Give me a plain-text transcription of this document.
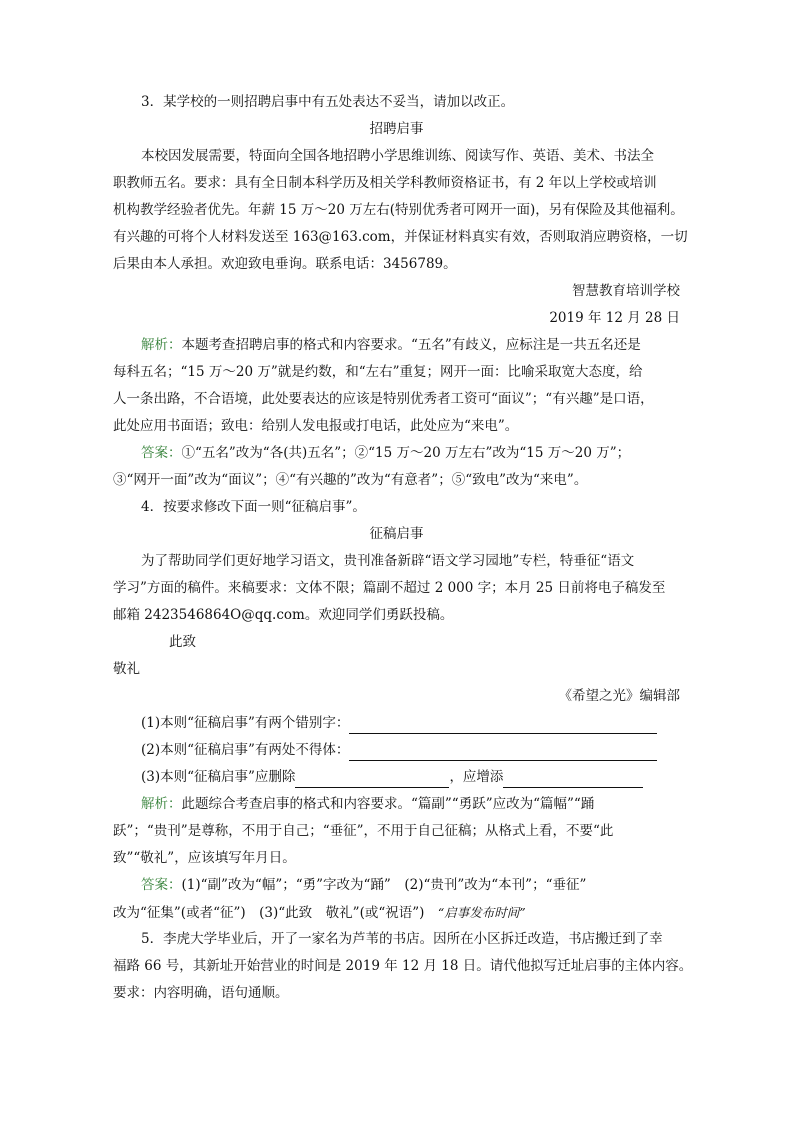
3．某学校的一则招聘启事中有五处表达不妥当，请加以改正。
招聘启事
本校因发展需要，特面向全国各地招聘小学思维训练、阅读写作、英语、美术、书法全
职教师五名。要求：具有全日制本科学历及相关学科教师资格证书，有 2 年以上学校或培训
机构教学经验者优先。年薪 15 万～20 万左右(特别优秀者可网开一面)，另有保险及其他福利。
有兴趣的可将个人材料发送至 163@163.com，并保证材料真实有效，否则取消应聘资格，一切
后果由本人承担。欢迎致电垂询。联系电话：3456789。
智慧教育培训学校
2019 年 12 月 28 日
解析：本题考查招聘启事的格式和内容要求。“五名”有歧义，应标注是一共五名还是
每科五名；“15 万～20 万”就是约数，和“左右”重复；网开一面：比喻采取宽大态度，给
人一条出路，不合语境，此处要表达的应该是特别优秀者工资可“面议”；“有兴趣”是口语，
此处应用书面语；致电：给别人发电报或打电话，此处应为“来电”。
答案：①“五名”改为“各(共)五名”；②“15 万～20 万左右”改为“15 万～20 万”；
③“网开一面”改为“面议”；④“有兴趣的”改为“有意者”；⑤“致电”改为“来电”。
4．按要求修改下面一则“征稿启事”。
征稿启事
为了帮助同学们更好地学习语文，贵刊准备新辟“语文学习园地”专栏，特垂征“语文
学习”方面的稿件。来稿要求：文体不限；篇副不超过 2 000 字；本月 25 日前将电子稿发至
邮箱 2423546864O@qq.com。欢迎同学们勇跃投稿。
此致
敬礼
《希望之光》编辑部
(1)本则“征稿启事”有两个错别字：
(2)本则“征稿启事”有两处不得体：
(3)本则“征稿启事”应删除	，应增添
解析：此题综合考查启事的格式和内容要求。“篇副”“勇跃”应改为“篇幅”“踊
跃”；“贵刊”是尊称，不用于自己；“垂征”，不用于自己征稿；从格式上看，不要“此
致”“敬礼”，应该填写年月日。
答案：(1)“副”改为“幅”；“勇”字改为“踊”　(2)“贵刊”改为“本刊”；“垂征”
改为“征集”(或者“征”)　(3)“此致　敬礼”(或“祝语”)　“启事发布时间”
5．李虎大学毕业后，开了一家名为芦苇的书店。因所在小区拆迁改造，书店搬迁到了幸
福路 66 号，其新址开始营业的时间是 2019 年 12 月 18 日。请代他拟写迁址启事的主体内容。
要求：内容明确，语句通顺。
